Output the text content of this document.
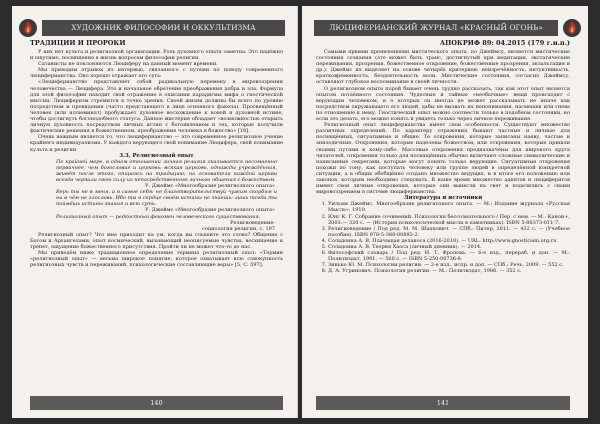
ХУДОЖНИК ФИЛОСОФИИ И ОККУЛЬТИЗМА
ТРАДИЦИИ И ПРОРОКИ

У них нет культа и религиозной организации. Роль духовного опыта заметна. Это надёжно и ощутимо, посвящение в жизнь вопросам философии религии.

Сатанисты не поклоняются Люциферу на данный момент времени.

Мы приводим отрывок из интервью, связанного с путями по поводу современного люциферианства. Оно хорошо отражает его суть:

«Люциферианство представляет собой радикальную перемену в мировоззрении человечества — Люцифера. Это и начальное обретение преображения добра и зла. Формула для этой философии находит свой отражение в описании парадигмы мифа о гностической миссии. Люциферизм стремится к точке зрения. Своей жизни должны бы всего по уровню посредством и провидения (часто предстающего в лице огненного факела). Просвещённый человек (или иллюминат) пробуждает духовное восхождение к новой и духовной истине, чтобы достигнуть богоподобного статуса. Данное мистерия обладает «возможностью открыть личную духовность посредством личных истин с богоявлением и тех, которые получили фактические решения в божественном, преображение человека в божество» [18].

Очень важным является то, что люциферианство — это современное религиозное учение крайнего индивидуализма. У каждого верующего свой понимание Люцифера, свой понимание культа и религии.

3.3. Религиозный опыт

По крайней мере, в одном отношении личная религия оказывается несомненно первичнее, чем богословие и церковь: всякая церковь, однажды учреждённая, живёт после этого, опираясь на традицию; но основатели каждой церкви всегда черпали свою силу из непосредственного личного общения с божеством.

У. Джеймс «Многообразие религиозного опыта»

Верь ты не в меня, а в самое себя: не благотворительствуй чужим скорбям и ни в чём не злословь. Ибо ты в сердце своём истины не знаешь: лишь тогда ты поймёшь истины знания и всю суть.

У. Джеймс «Многообразие религиозного опыта»

Религиозный опыт — редкостный феномен человеческого существования.

Религиоведение:

социология религии, с. 197

Религиозный опыт? Что мне приходит на ум, когда вы слышите это слово? Общение с Богом и Архангелами, опыт космический, вызывающий неописуемые чувства, восхищение и трепет, ощущение божественного присутствия. Пройти ли не может что-то до нас.

Мы приведём ниже традиционное определение термина религиозный опыт: «Термин «религиозный опыт» — весьма широкое понятие, которое охватывает всю совокупность религиозных чувств и переживаний, психологические составляющие веры» [5, С. 597].

140
ЛЮЦИФЕРИАНСКИЙ ЖУРНАЛ «КРАСНЫЙ ОГОНЬ»
АПОКРИФ 89: 04.2015 (179 г.и.п.)

Самыми яркими проявлениями мистического опыта, по Джеймсу, являются мистические состояния сознания (это может быть транс, достигнутый при медитации, экстатические переживания, прозрения, божественное откровение, божественные прозрения, экзальтация и др.). Джеймс их выделяет на основе четырёх критериев: неизречённость, интуитивность, кратковременность, бездеятельность воли. Мистические состояния, согласно Джеймсу, оставляют глубокое воспоминание в своей личности.

О религиозном опыте порой бывает очень трудно рассказать, так как этот опыт является опытом потаённого состояния. Чудесные и тайные «необычные» вещи происходят с верующим человеком, и о которых он иногда не может рассказывать не иначе как посредством окружающего его людей, дабы не вызвать их непонимания, насмешек или гнева по отношению к нему. Гностический опыт можно соотнести только в подобном состоянии, но если это делать, его можно понять и увидеть только через личное переживание.

Религиозный опыт люциферианства имеет свои особенности. Существуют множество различных определений. По характеру отражения бывают частные и личные для посвящённых, ситуативные и общие. Те откровения, которые записаны наяву, частые и эпизодичные. Откровения, которые наделены божеством, или откровения, которые пришли своими путями к кому-либо. Массовые откровения предназначены для широкого круга читателей, откровения только для посвящённых обычно включают сложные символические и написанные секретами, которые могут понять только верующие. Ситуативные откровения похожи по тону, как поступать человеку или группе людей в определённой конкретной ситуации, а в общих обобщённо создано множество ведущих, и в итоге его положению или законов, которым необходимо следовать. В наше время множество адептов и люциферитов имеют свои личные откровения, которые они вынесли на свет и поделились с своим мировоззрением в системе люциферианства.

Литература и источники

1. Уильям Джеймс. Многообразие религиозного опыта. — М.: Издание журнала «Русская Мысль», 1910.
2. Юнг К. Г. Собрание сочинений. Психология бессознательного / Пер. с нем. — М.: Канон+, 2003.— 320 с. — (История психологической мысли в памятниках). ISBN 5-88373-011-7.
3. Религиоведение / Под ред. М. М. Шахнович. — СПб.: Питер, 2011. — 432 с. — (Учебное пособие). ISBN 978-5-388-00893-2.
4. Соладонна А. В. Плачащая делакоса (2016-2018). — URL: http://www.gnosticism.org.ru
5. Соладонна А. В. Теория Хаоса (личный дневник). — 2014.
6. Философский словарь / Под ред. И. Т. Фролова. — 6-е изд., перераб. и доп. — М.: Политиздат, 1991. — 560 с. — ISBN 5-250-00736-8.
7. Зинько Ю. М. Психологии религии. — 2-е изд., испр. и доп. — СПб.: Речь, 2009. — 552 с.
8. Д. А. Угринович. Психология религии. — М.: Политиздат, 1986. — 352 с.
141
